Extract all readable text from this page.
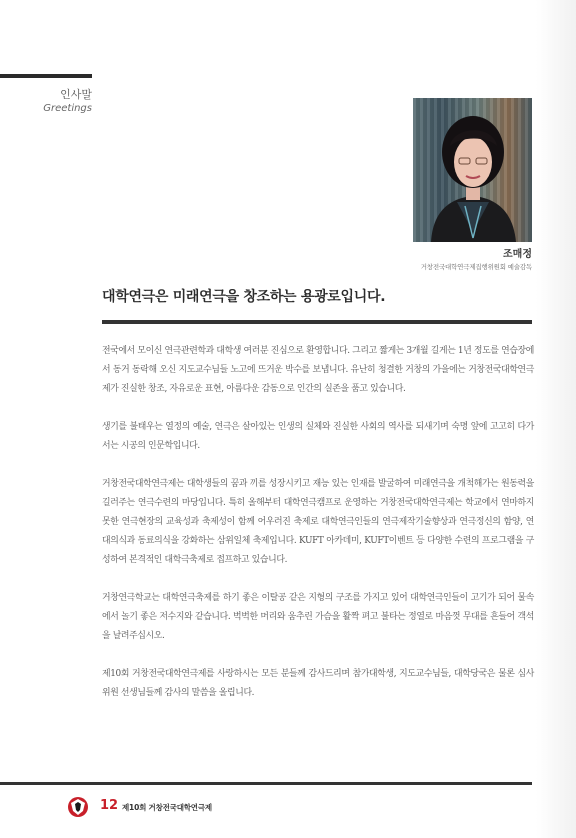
인사말
Greetings
조매정
거창전국대학연극제집행위원회 예술감독
대학연극은 미래연극을 창조하는 용광로입니다.

전국에서 모이신 연극관련학과 대학생 여러분 진심으로 환영합니다. 그리고 짧게는 3개월 길게는 1년 정도를 연습장에서 동거 동락해 오신 지도교수님들 노고에 뜨거운 박수를 보냅니다. 유난히 청결한 거창의 가을에는 거창전국대학연극제가 진실한 창조, 자유로운 표현, 아름다운 감동으로 인간의 실존을 품고 있습니다.

생기를 불태우는 열정의 예술, 연극은 살아있는 인생의 실체와 진실한 사회의 역사를 되새기며 숙명 앞에 고고히 다가서는 시공의 인문학입니다.

거창전국대학연극제는 대학생들의 꿈과 끼를 성장시키고 재능 있는 인재를 발굴하여 미래연극을 개척해가는 원동력을 길러주는 연극수련의 마당입니다. 특히 올해부터 대학연극캠프로 운영하는 거창전국대학연극제는 학교에서 연마하지 못한 연극현장의 교육성과 축제성이 함께 어우러진 축제로 대학연극인들의 연극제작기술향상과 연극정신의 함양, 연대의식과 동료의식을 강화하는 삼위일체 축제입니다. KUFT 아카데미, KUFT이벤트 등 다양한 수련의 프로그램을 구성하여 본격적인 대학극축제로 접프하고 있습니다.

거창연극학교는 대학연극축제를 하기 좋은 이탈공 같은 지형의 구조를 가지고 있어 대학연극인들이 고기가 되어 물속에서 놀기 좋은 저수지와 같습니다. 벅벅한 머리와 움추린 가슴을 활짝 펴고 불타는 정열로 마음껏 무대를 흔들어 객석을 날려주십시오.

제10회 거창전국대학연극제를 사랑하시는 모든 분들께 감사드리며 참가대학생, 지도교수님들, 대학당국은 물론 심사위원 선생님들께 감사의 말씀을 올립니다.

12 제10회 거창전국대학연극제
